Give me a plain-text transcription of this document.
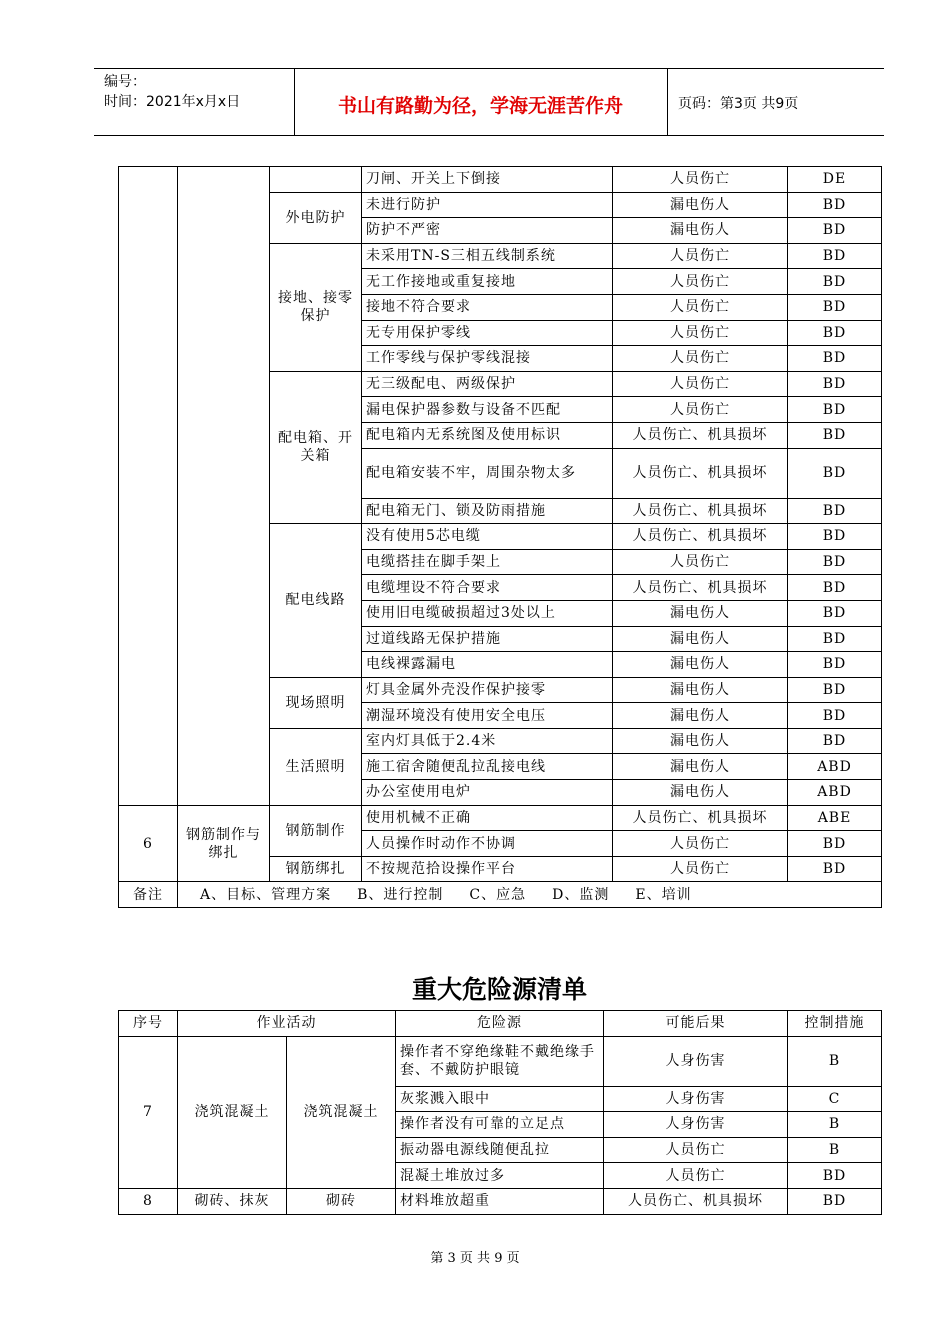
编号：
时间：2021年x月x日	书山有路勤为径，学海无涯苦作舟	页码：第3页 共9页
			刀闸、开关上下倒接	人员伤亡	DE
		外电防护	未进行防护	漏电伤人	BD
			防护不严密	漏电伤人	BD
		接地、接零保护	未采用TN-S三相五线制系统	人员伤亡	BD
			无工作接地或重复接地	人员伤亡	BD
			接地不符合要求	人员伤亡	BD
			无专用保护零线	人员伤亡	BD
			工作零线与保护零线混接	人员伤亡	BD
		配电箱、开关箱	无三级配电、两级保护	人员伤亡	BD
			漏电保护器参数与设备不匹配	人员伤亡	BD
			配电箱内无系统图及使用标识	人员伤亡、机具损坏	BD
			配电箱安装不牢，周围杂物太多	人员伤亡、机具损坏	BD
			配电箱无门、锁及防雨措施	人员伤亡、机具损坏	BD
		配电线路	没有使用5芯电缆	人员伤亡、机具损坏	BD
			电缆搭挂在脚手架上	人员伤亡	BD
			电缆埋设不符合要求	人员伤亡、机具损坏	BD
			使用旧电缆破损超过3处以上	漏电伤人	BD
			过道线路无保护措施	漏电伤人	BD
			电线裸露漏电	漏电伤人	BD
		现场照明	灯具金属外壳没作保护接零	漏电伤人	BD
			潮湿环境没有使用安全电压	漏电伤人	BD
		生活照明	室内灯具低于2.4米	漏电伤人	BD
			施工宿舍随便乱拉乱接电线	漏电伤人	ABD
			办公室使用电炉	漏电伤人	ABD
6	钢筋制作与绑扎	钢筋制作	使用机械不正确	人员伤亡、机具损坏	ABE
			人员操作时动作不协调	人员伤亡	BD
		钢筋绑扎	不按规范拾设操作平台	人员伤亡	BD
备注	A、目标、管理方案 B、进行控制 C、应急 D、监测 E、培训				
重大危险源清单
序号	作业活动		危险源	可能后果	控制措施
7	浇筑混凝土	浇筑混凝土	操作者不穿绝缘鞋不戴绝缘手套、不戴防护眼镜	人身伤害	B
			灰浆溅入眼中	人身伤害	C
			操作者没有可靠的立足点	人身伤害	B
			振动器电源线随便乱拉	人员伤亡	B
			混凝土堆放过多	人员伤亡	BD
8	砌砖、抹灰	砌砖	材料堆放超重	人员伤亡、机具损坏	BD
第 3 页 共 9 页
